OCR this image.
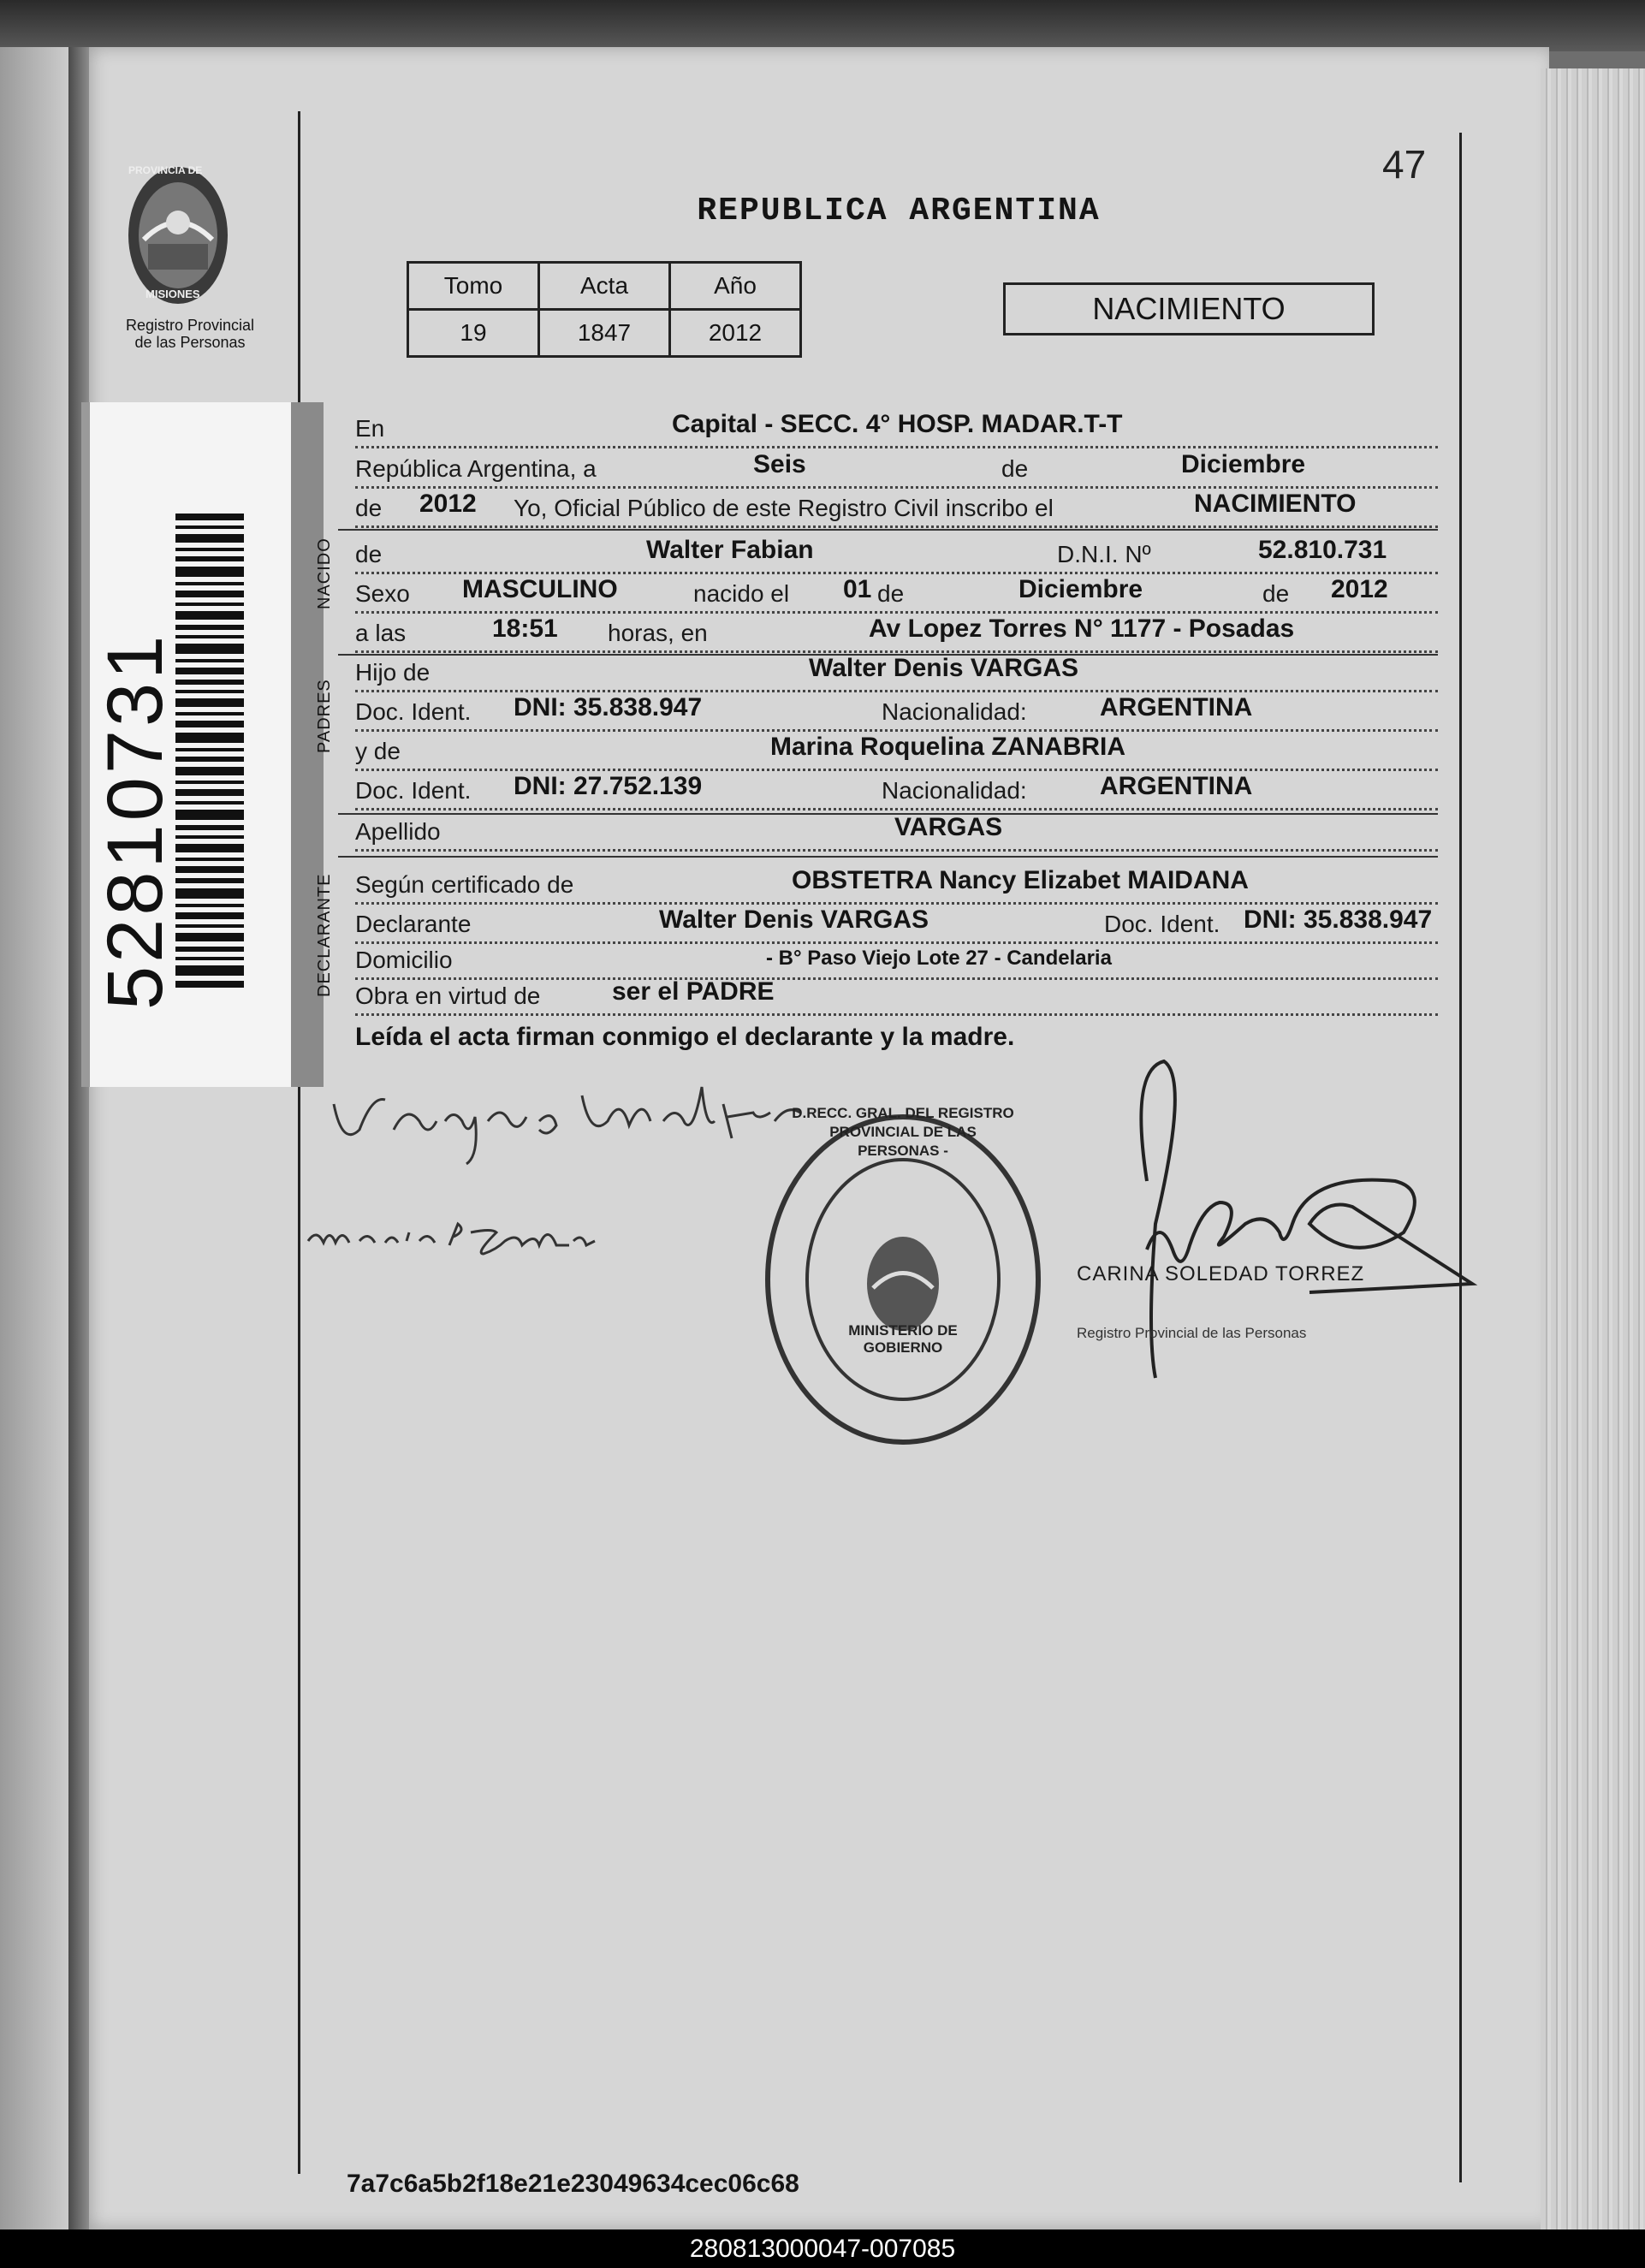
PROVINCIA DE
MISIONES
Registro Provincial
de las Personas
52810731
47
REPUBLICA ARGENTINA
Tomo	Acta	Año
19	1847	2012
NACIMIENTO
En	Capital - SECC. 4° HOSP. MADAR.T-T
República Argentina, a	Seis	de	Diciembre
de 2012 Yo, Oficial Público de este Registro Civil inscribo el	NACIMIENTO
de	Walter Fabian	D.N.I. Nº	52.810.731
Sexo MASCULINO	nacido el 01 de	Diciembre	de 2012
a las	18:51 horas, en	Av Lopez Torres N° 1177 - Posadas
Hijo de	Walter Denis VARGAS
Doc. Ident. DNI: 35.838.947	Nacionalidad:	ARGENTINA
y de	Marina Roquelina ZANABRIA
Doc. Ident. DNI: 27.752.139	Nacionalidad:	ARGENTINA
Apellido	VARGAS
Según certificado de	OBSTETRA Nancy Elizabet MAIDANA
Declarante	Walter Denis VARGAS	Doc. Ident. DNI: 35.838.947
Domicilio	- B° Paso Viejo Lote 27 - Candelaria
Obra en virtud de	ser el PADRE
NACIDO
PADRES
DECLARANTE
Leída el acta firman conmigo el declarante y la madre.
D.RECC. GRAL. DEL REGISTRO PROVINCIAL DE LAS PERSONAS -
MINISTERIO DE GOBIERNO
CARINA SOLEDAD TORREZ
Registro Provincial de las Personas
7a7c6a5b2f18e21e23049634cec06c68
280813000047-007085
